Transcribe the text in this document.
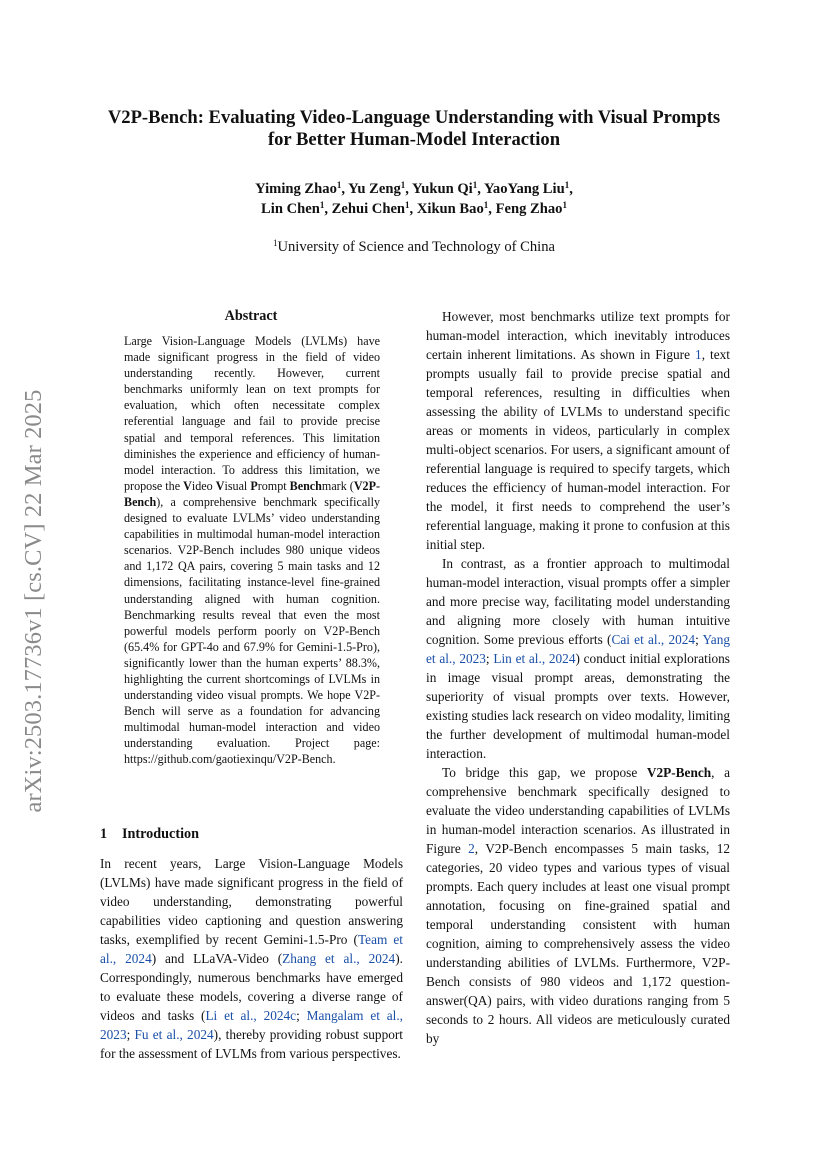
V2P-Bench: Evaluating Video-Language Understanding with Visual Prompts for Better Human-Model Interaction
Yiming Zhao$^1$, Yu Zeng$^1$, Yukun Qi$^1$, YaoYang Liu$^1$,
Lin Chen$^1$, Zehui Chen$^1$, Xikun Bao$^1$, Feng Zhao$^1$
$^1$University of Science and Technology of China
arXiv:2503.17736v1 [cs.CV] 22 Mar 2025
Abstract

Large Vision-Language Models (LVLMs) have made significant progress in the field of video understanding recently. However, current benchmarks uniformly lean on text prompts for evaluation, which often necessitate complex referential language and fail to provide precise spatial and temporal references. This limitation diminishes the experience and efficiency of human-model interaction. To address this limitation, we propose the Video Visual Prompt Benchmark (V2P-Bench), a comprehensive benchmark specifically designed to evaluate LVLMs’ video understanding capabilities in multimodal human-model interaction scenarios. V2P-Bench includes 980 unique videos and 1,172 QA pairs, covering 5 main tasks and 12 dimensions, facilitating instance-level fine-grained understanding aligned with human cognition. Benchmarking results reveal that even the most powerful models perform poorly on V2P-Bench (65.4% for GPT-4o and 67.9% for Gemini-1.5-Pro), significantly lower than the human experts’ 88.3%, highlighting the current shortcomings of LVLMs in understanding video visual prompts. We hope V2P-Bench will serve as a foundation for advancing multimodal human-model interaction and video understanding evaluation. Project page: https://github.com/gaotiexinqu/V2P-Bench.

1 Introduction

In recent years, Large Vision-Language Models (LVLMs) have made significant progress in the field of video understanding, demonstrating powerful capabilities video captioning and question answering tasks, exemplified by recent Gemini-1.5-Pro (Team et al., 2024) and LLaVA-Video (Zhang et al., 2024). Correspondingly, numerous benchmarks have emerged to evaluate these models, covering a diverse range of videos and tasks (Li et al., 2024c; Mangalam et al., 2023; Fu et al., 2024), thereby providing robust support for the assessment of LVLMs from various perspectives.

However, most benchmarks utilize text prompts for human-model interaction, which inevitably introduces certain inherent limitations. As shown in Figure 1, text prompts usually fail to provide precise spatial and temporal references, resulting in difficulties when assessing the ability of LVLMs to understand specific areas or moments in videos, particularly in complex multi-object scenarios. For users, a significant amount of referential language is required to specify targets, which reduces the efficiency of human-model interaction. For the model, it first needs to comprehend the user’s referential language, making it prone to confusion at this initial step.

In contrast, as a frontier approach to multimodal human-model interaction, visual prompts offer a simpler and more precise way, facilitating model understanding and aligning more closely with human intuitive cognition. Some previous efforts (Cai et al., 2024; Yang et al., 2023; Lin et al., 2024) conduct initial explorations in image visual prompt areas, demonstrating the superiority of visual prompts over texts. However, existing studies lack research on video modality, limiting the further development of multimodal human-model interaction.

To bridge this gap, we propose V2P-Bench, a comprehensive benchmark specifically designed to evaluate the video understanding capabilities of LVLMs in human-model interaction scenarios. As illustrated in Figure 2, V2P-Bench encompasses 5 main tasks, 12 categories, 20 video types and various types of visual prompts. Each query includes at least one visual prompt annotation, focusing on fine-grained spatial and temporal understanding consistent with human cognition, aiming to comprehensively assess the video understanding abilities of LVLMs. Furthermore, V2P-Bench consists of 980 videos and 1,172 question-answer(QA) pairs, with video durations ranging from 5 seconds to 2 hours. All videos are meticulously curated by
